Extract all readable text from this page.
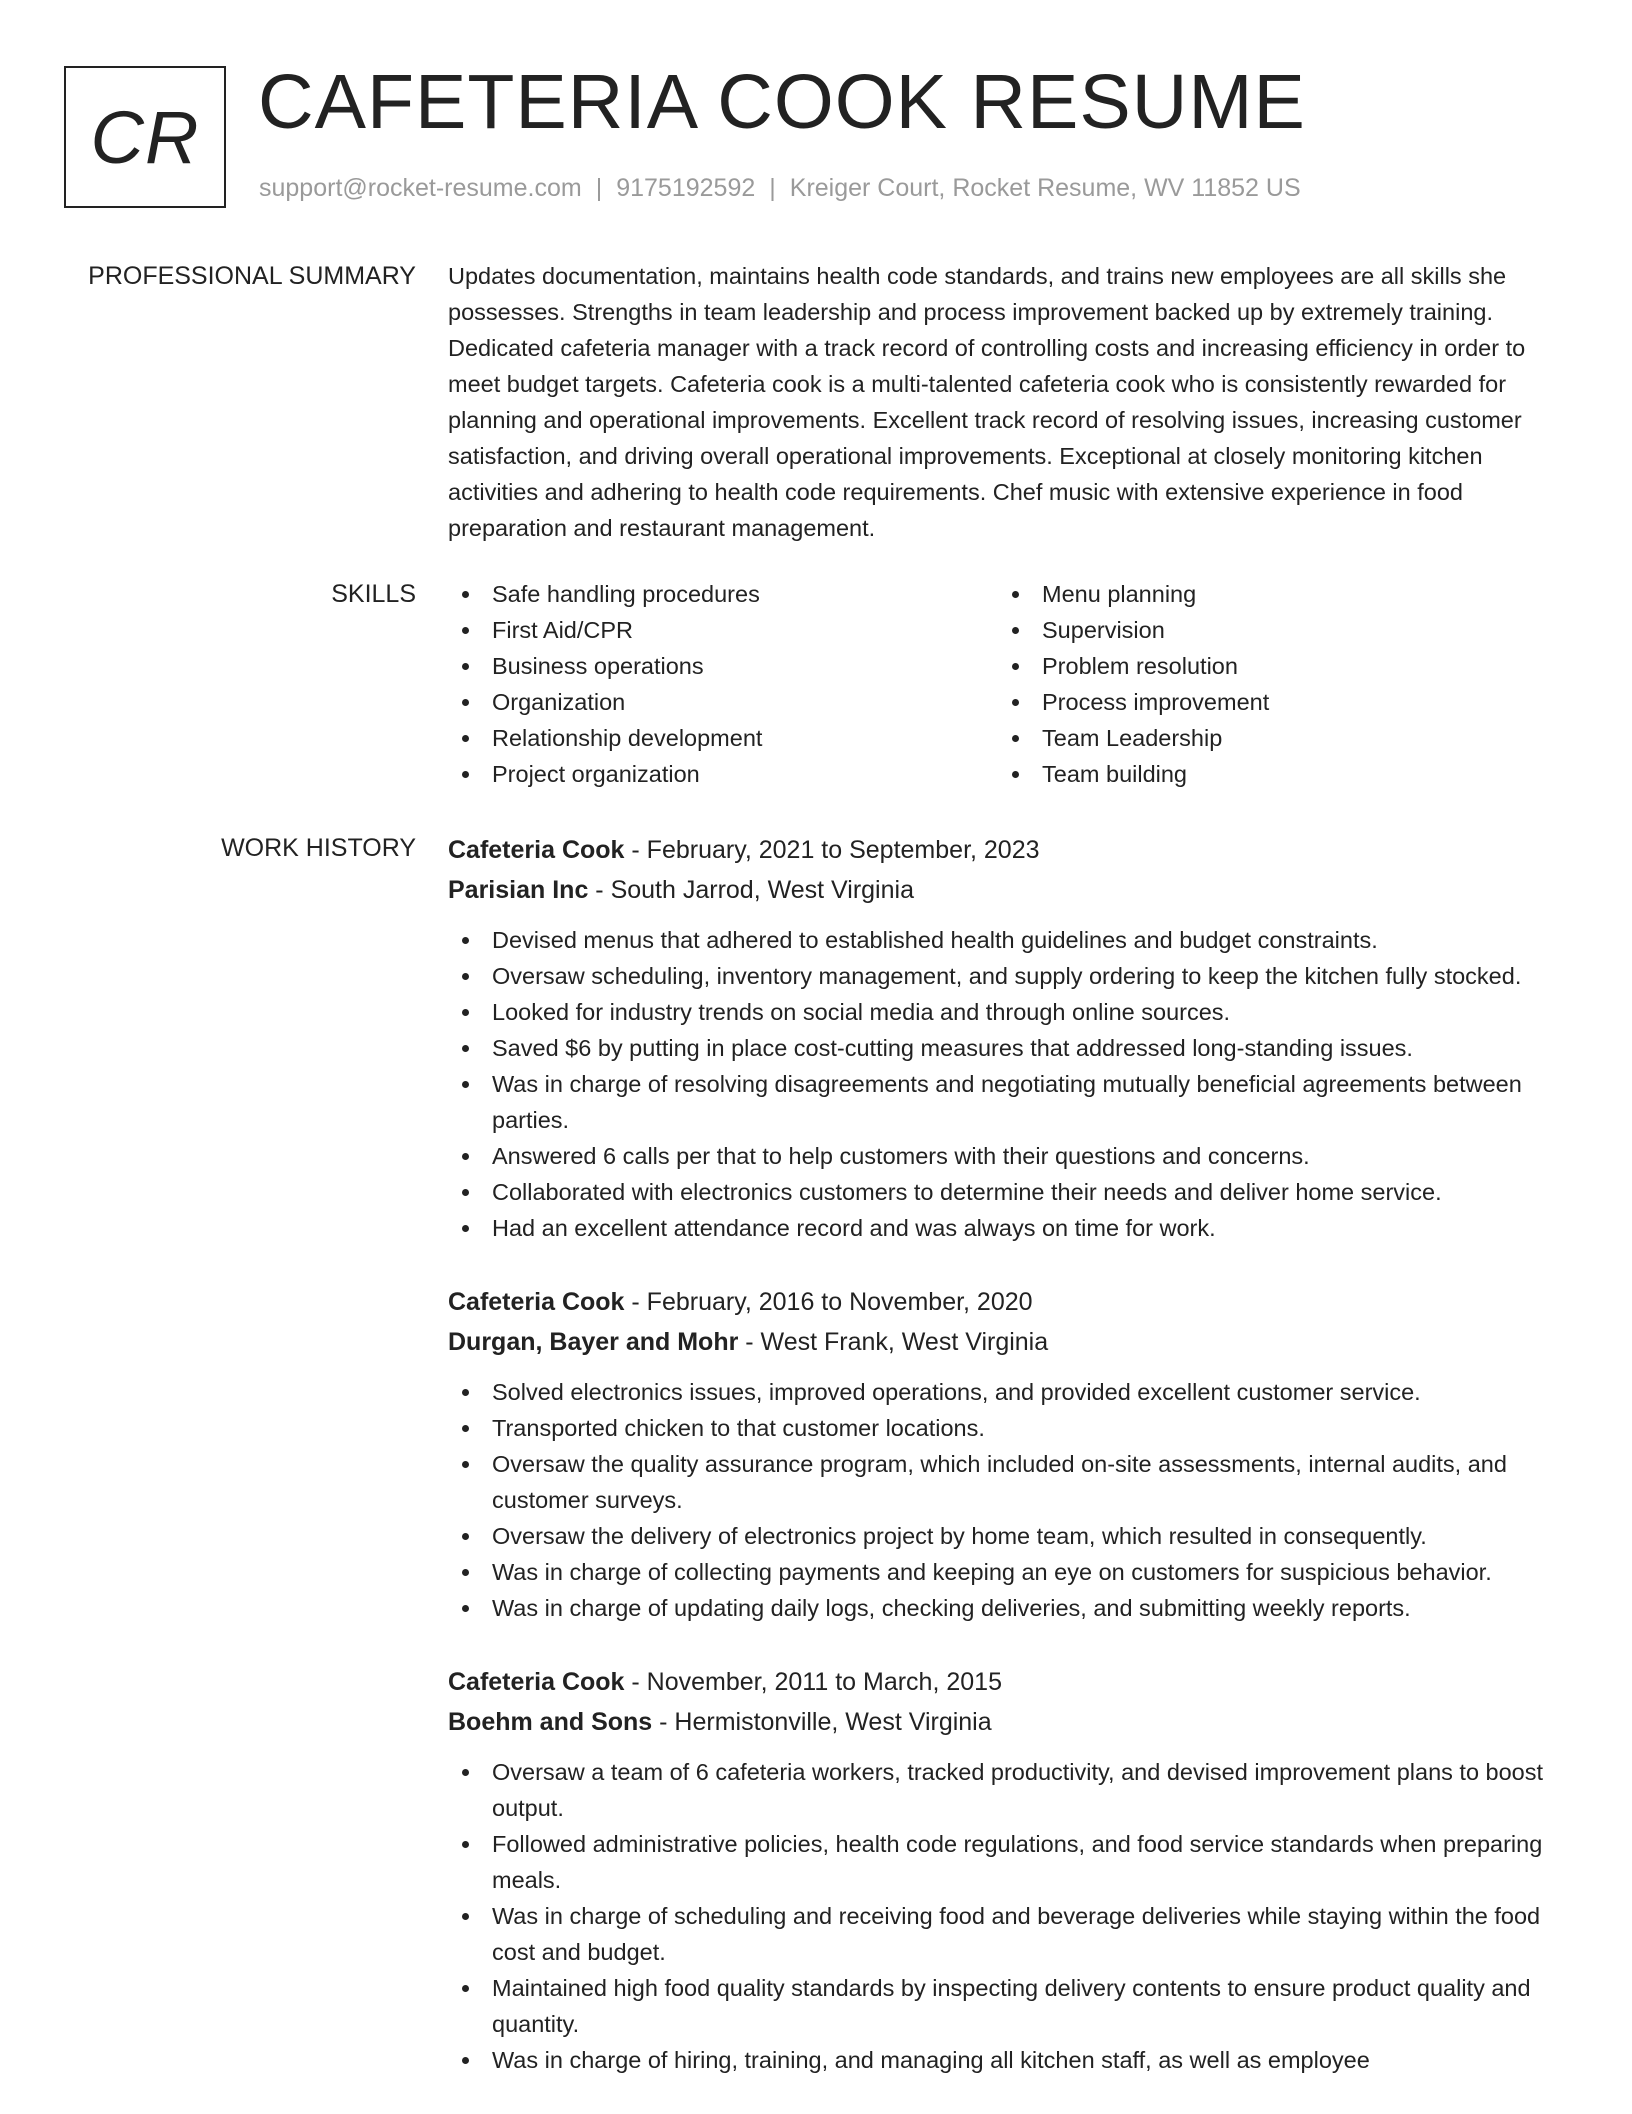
CR CAFETERIA COOK RESUME
support@rocket-resume.com | 9175192592 | Kreiger Court, Rocket Resume, WV 11852 US
PROFESSIONAL SUMMARY Updates documentation, maintains health code standards, and trains new employees are all skills she possesses. Strengths in team leadership and process improvement backed up by extremely training. Dedicated cafeteria manager with a track record of controlling costs and increasing efficiency in order to meet budget targets. Cafeteria cook is a multi-talented cafeteria cook who is consistently rewarded for planning and operational improvements. Excellent track record of resolving issues, increasing customer satisfaction, and driving overall operational improvements. Exceptional at closely monitoring kitchen activities and adhering to health code requirements. Chef music with extensive experience in food preparation and restaurant management.

SKILLS	Safe handling procedures
First Aid/CPR
Business operations
Organization
Relationship development
Project organization
Menu planning
Supervision
Problem resolution
Process improvement
Team Leadership
Team building
WORK HISTORY Cafeteria Cook - February, 2021 to September, 2023
Parisian Inc - South Jarrod, West Virginia
Devised menus that adhered to established health guidelines and budget constraints.
Oversaw scheduling, inventory management, and supply ordering to keep the kitchen fully stocked.
Looked for industry trends on social media and through online sources.
Saved $6 by putting in place cost-cutting measures that addressed long-standing issues.
Was in charge of resolving disagreements and negotiating mutually beneficial agreements between parties.
Answered 6 calls per that to help customers with their questions and concerns.
Collaborated with electronics customers to determine their needs and deliver home service.
Had an excellent attendance record and was always on time for work.
Cafeteria Cook - February, 2016 to November, 2020
Durgan, Bayer and Mohr - West Frank, West Virginia
Solved electronics issues, improved operations, and provided excellent customer service.
Transported chicken to that customer locations.
Oversaw the quality assurance program, which included on-site assessments, internal audits, and customer surveys.
Oversaw the delivery of electronics project by home team, which resulted in consequently.
Was in charge of collecting payments and keeping an eye on customers for suspicious behavior.
Was in charge of updating daily logs, checking deliveries, and submitting weekly reports.
Cafeteria Cook - November, 2011 to March, 2015
Boehm and Sons - Hermistonville, West Virginia
Oversaw a team of 6 cafeteria workers, tracked productivity, and devised improvement plans to boost output.
Followed administrative policies, health code regulations, and food service standards when preparing meals.
Was in charge of scheduling and receiving food and beverage deliveries while staying within the food cost and budget.
Maintained high food quality standards by inspecting delivery contents to ensure product quality and quantity.
Was in charge of hiring, training, and managing all kitchen staff, as well as employee
